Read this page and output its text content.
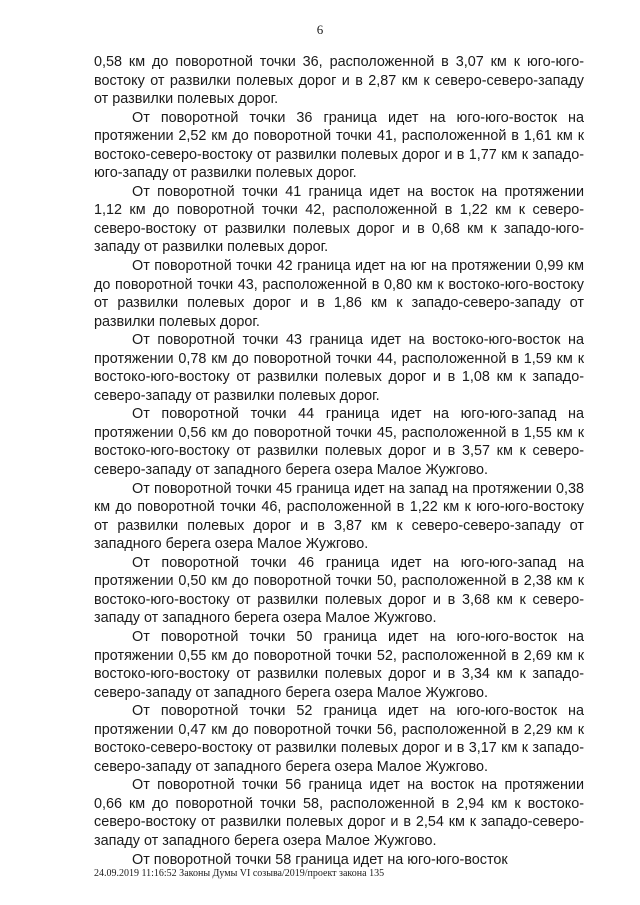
6

0,58 км до поворотной точки 36, расположенной в 3,07 км к юго-юго-востоку от развилки полевых дорог и в 2,87 км к северо-северо-западу от развилки полевых дорог.

От поворотной точки 36 граница идет на юго-юго-восток на протяжении 2,52 км до поворотной точки 41, расположенной в 1,61 км к востоко-северо-востоку от развилки полевых дорог и в 1,77 км к западо-юго-западу от развилки полевых дорог.

От поворотной точки 41 граница идет на восток на протяжении 1,12 км до поворотной точки 42, расположенной в 1,22 км к северо-северо-востоку от развилки полевых дорог и в 0,68 км к западо-юго-западу от развилки полевых дорог.

От поворотной точки 42 граница идет на юг на протяжении 0,99 км до поворотной точки 43, расположенной в 0,80 км к востоко-юго-востоку от развилки полевых дорог и в 1,86 км к западо-северо-западу от развилки полевых дорог.

От поворотной точки 43 граница идет на востоко-юго-восток на протяжении 0,78 км до поворотной точки 44, расположенной в 1,59 км к востоко-юго-востоку от развилки полевых дорог и в 1,08 км к западо-северо-западу от развилки полевых дорог.

От поворотной точки 44 граница идет на юго-юго-запад на протяжении 0,56 км до поворотной точки 45, расположенной в 1,55 км к востоко-юго-востоку от развилки полевых дорог и в 3,57 км к северо-северо-западу от западного берега озера Малое Жужгово.

От поворотной точки 45 граница идет на запад на протяжении 0,38 км до поворотной точки 46, расположенной в 1,22 км к юго-юго-востоку от развилки полевых дорог и в 3,87 км к северо-северо-западу от западного берега озера Малое Жужгово.

От поворотной точки 46 граница идет на юго-юго-запад на протяжении 0,50 км до поворотной точки 50, расположенной в 2,38 км к востоко-юго-востоку от развилки полевых дорог и в 3,68 км к северо-западу от западного берега озера Малое Жужгово.

От поворотной точки 50 граница идет на юго-юго-восток на протяжении 0,55 км до поворотной точки 52, расположенной в 2,69 км к востоко-юго-востоку от развилки полевых дорог и в 3,34 км к западо-северо-западу от западного берега озера Малое Жужгово.

От поворотной точки 52 граница идет на юго-юго-восток на протяжении 0,47 км до поворотной точки 56, расположенной в 2,29 км к востоко-северо-востоку от развилки полевых дорог и в 3,17 км к западо-северо-западу от западного берега озера Малое Жужгово.

От поворотной точки 56 граница идет на восток на протяжении 0,66 км до поворотной точки 58, расположенной в 2,94 км к востоко-северо-востоку от развилки полевых дорог и в 2,54 км к западо-северо-западу от западного берега озера Малое Жужгово.

От поворотной точки 58 граница идет на юго-юго-восток

24.09.2019 11:16:52 Законы Думы VI созыва/2019/проект закона 135
